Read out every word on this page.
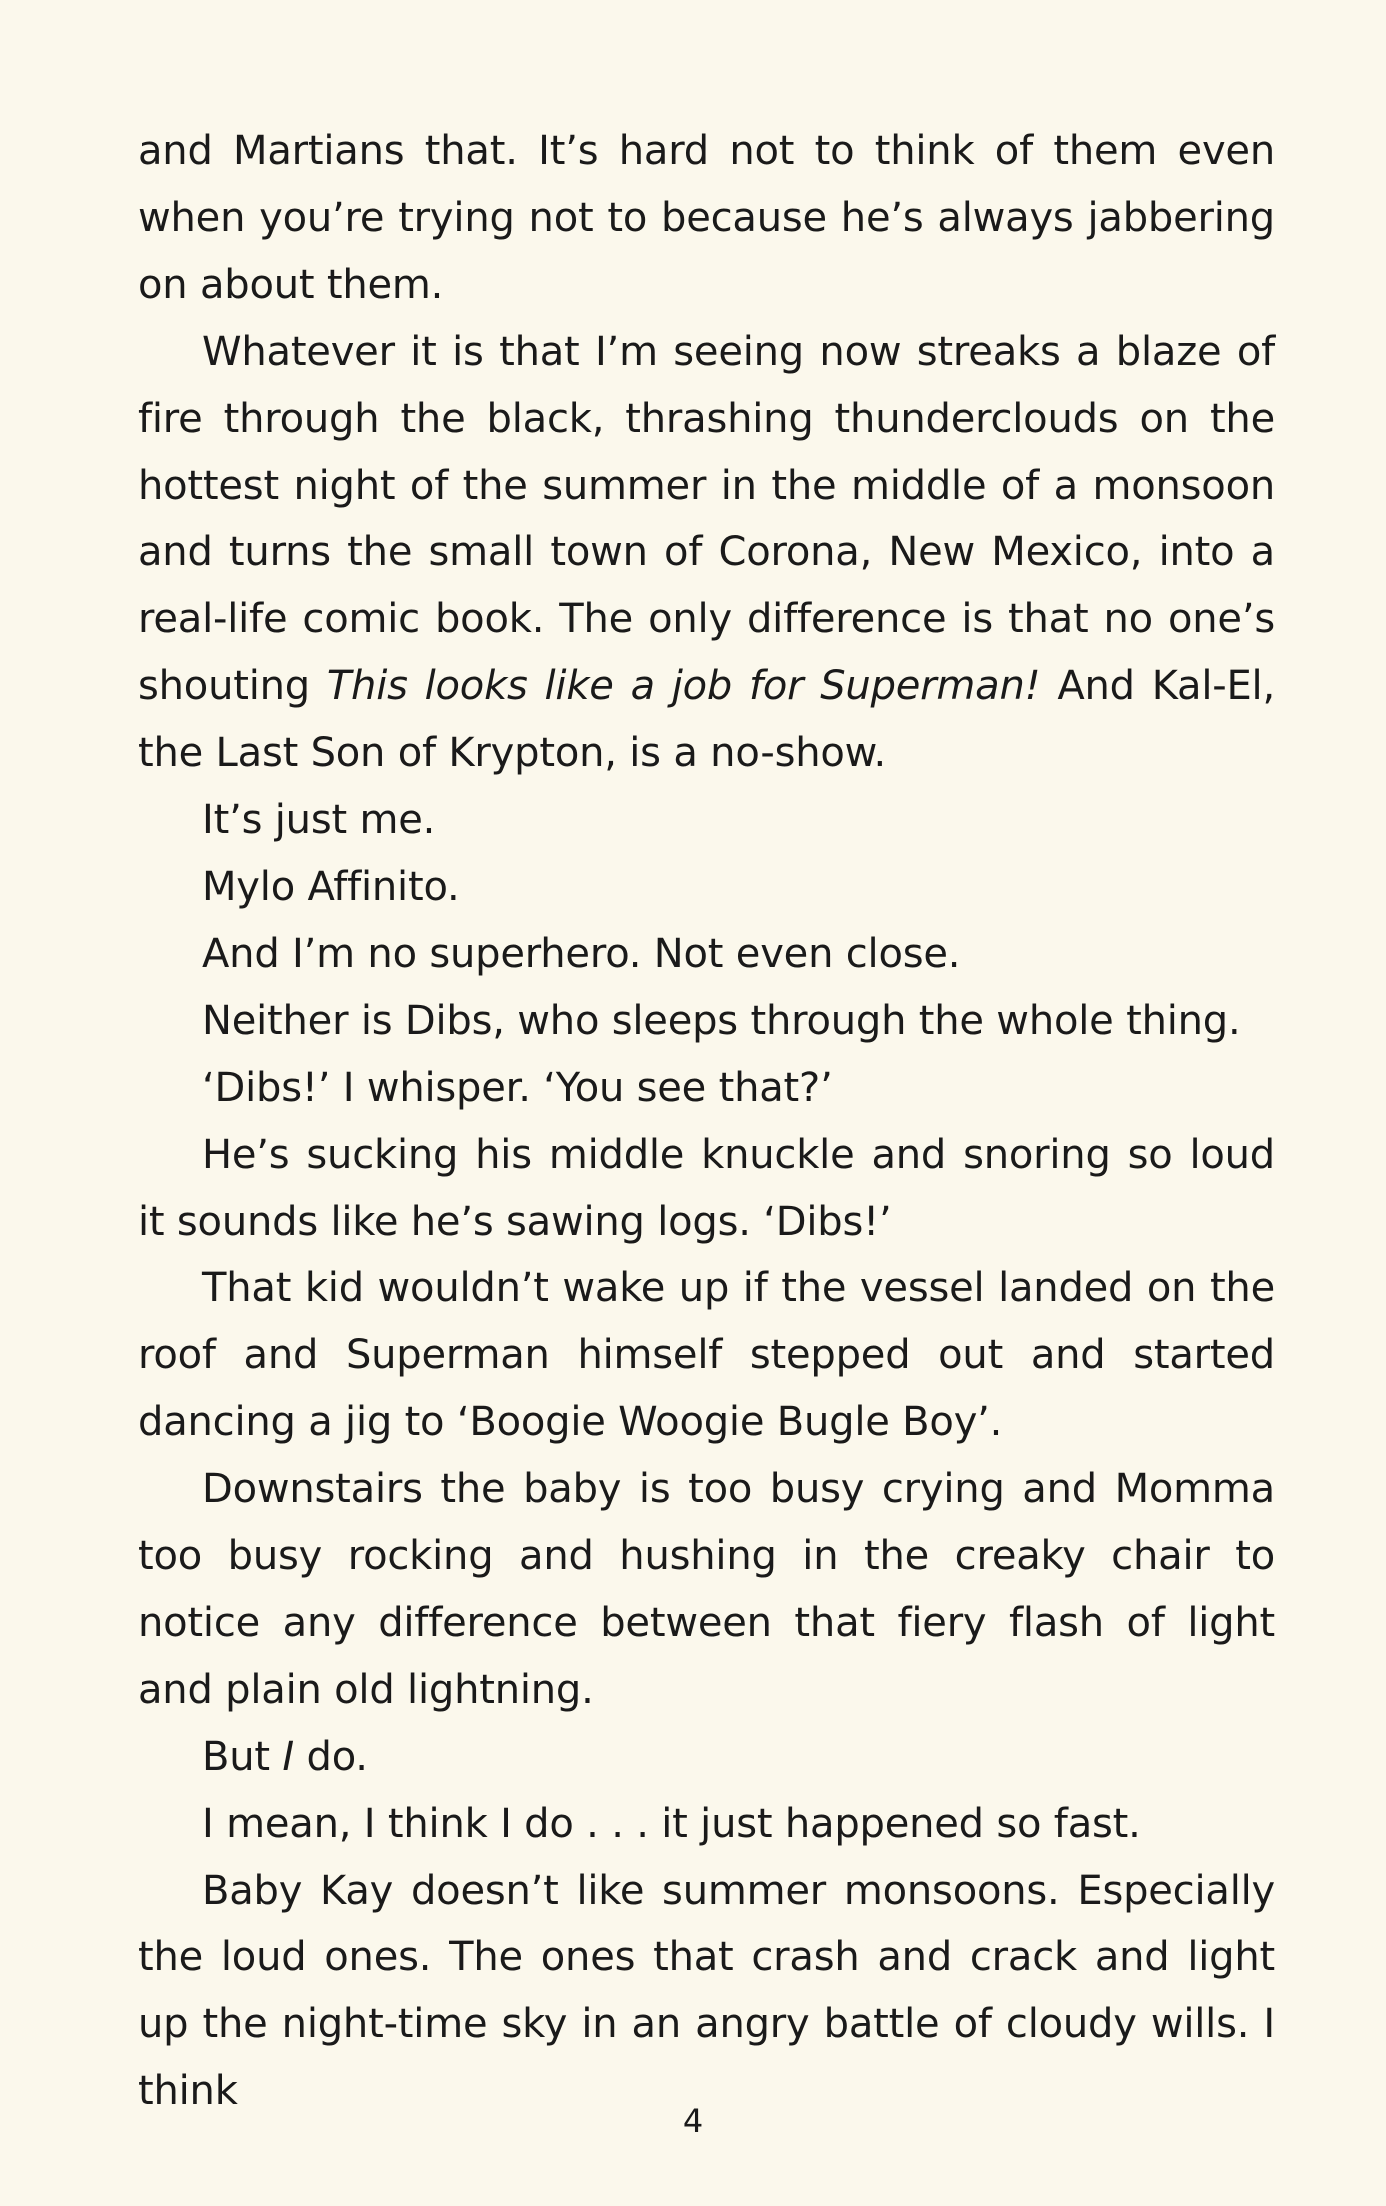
and Martians that. It’s hard not to think of them even when you’re trying not to because he’s always jabbering on about them.

Whatever it is that I’m seeing now streaks a blaze of fire through the black, thrashing thunderclouds on the hottest night of the summer in the middle of a monsoon and turns the small town of Corona, New Mexico, into a real-life comic book. The only difference is that no one’s shouting This looks like a job for Superman! And Kal-El, the Last Son of Krypton, is a no-show.

It’s just me.

Mylo Affinito.

And I’m no superhero. Not even close.

Neither is Dibs, who sleeps through the whole thing.

‘Dibs!’ I whisper. ‘You see that?’

He’s sucking his middle knuckle and snoring so loud it sounds like he’s sawing logs. ‘Dibs!’

That kid wouldn’t wake up if the vessel landed on the roof and Superman himself stepped out and started dancing a jig to ‘Boogie Woogie Bugle Boy’.

Downstairs the baby is too busy crying and Momma too busy rocking and hushing in the creaky chair to notice any difference between that fiery flash of light and plain old lightning.

But I do.

I mean, I think I do . . . it just happened so fast.

Baby Kay doesn’t like summer monsoons. Especially the loud ones. The ones that crash and crack and light up the night-time sky in an angry battle of cloudy wills. I think

4
